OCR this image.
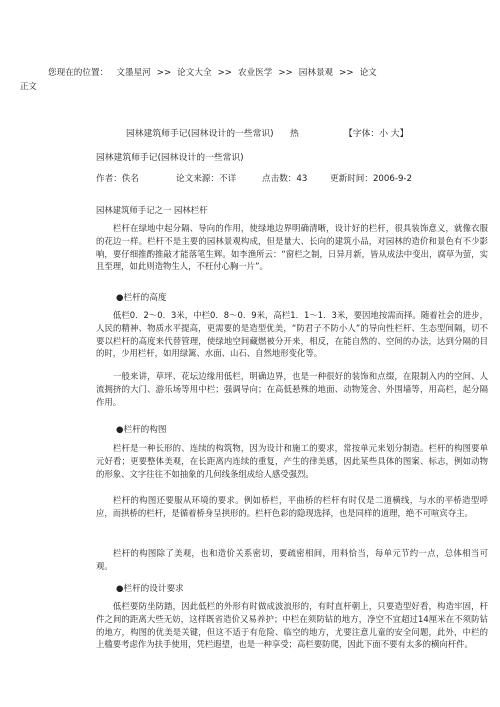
您现在的位置： 文墨星河 >> 论文大全 >> 农业医学 >> 园林景观 >> 论文
正文
园林建筑师手记(园林设计的一些常识) 热	【字体：小 大】
园林建筑师手记(园林设计的一些常识)
作者：佚名	论文来源：不详	点击数：43	更新时间：2006-9-2
园林建筑师手记之一 园林栏杆
栏杆在绿地中起分隔、导向的作用，使绿地边界明确清晰，设计好的栏杆，很具装饰意义，就像衣服的花边一样。栏杆不是主要的园林景观构成，但是量大、长向的建筑小品，对园林的造价和景色有不少影响，要仔细推酌推敲才能落笔生辉。如李渔所云：“窗栏之制，日异月新，皆从成法中变出，腐草为萤，实且至理，如此则造物生人，不枉付心胸一片”。
●栏杆的高度
低栏0．2～0．3米，中栏0．8～0．9米，高栏1．1～1．3米，要因地按需而择。随着社会的进步，人民的精神、物质水平提高，更需要的是造型优美，“防君子不防小人”的导向性栏杆、生态型间隔，切不要以栏杆的高度来代替管理，使绿地空间藏燃被分开来，相反，在能自然的、空间的办法，达到分隔的目的时，少用栏杆，如用绿篱、水面、山石、自然地形变化等。
一般来讲，草坪、花坛边缘用低栏，明确边界，也是一种很好的装饰和点缀，在限制入内的空间、人流拥挤的大门、游乐场等用中栏；强调导向；在高低悬殊的地面、动物笼舍、外围墙等，用高栏，起分隔作用。
●栏杆的构图
栏杆是一种长形的、连续的构筑物，因为设计和施工的要求，常按单元来划分制造。栏杆的构图要单元好看；更要整体美观，在长距离内连续的重复，产生的律美感，因此某些具体的图案、标志，例如动物的形象、文字往往不如抽象的几何线条组成给人感受强烈。
栏杆的构图还要服从环境的要求。例如桥栏，平曲桥的栏杆有时仅是二道横线，与水的平桥造型呼应，而拱桥的栏杆，是循着桥身呈拱形的。栏杆色彩的隐现选择，也是同样的道理，绝不可喧宾夺主。
栏杆的构图除了美观，也和造价关系密切，要疏密相间，用料恰当，每单元节约一点，总体相当可观。
●栏杆的设计要求
低栏要防坐防踏，因此低栏的外形有时做成波浪形的，有时直杆朝上，只要造型好看，构造牢固，杆件之间的距离大些无妨，这样既省造价又易养护；中栏在须防钻的地方，净空不宜超过14厘米在不须防钻的地方，构图的优美是关键，但这不适于有危险、临空的地方，尤要注意儿童的安全问题，此外，中栏的上槛要考虑作为扶手使用，凭栏遐望，也是一种享受；高栏要防爬，因此下面不要有太多的横向杆件。
